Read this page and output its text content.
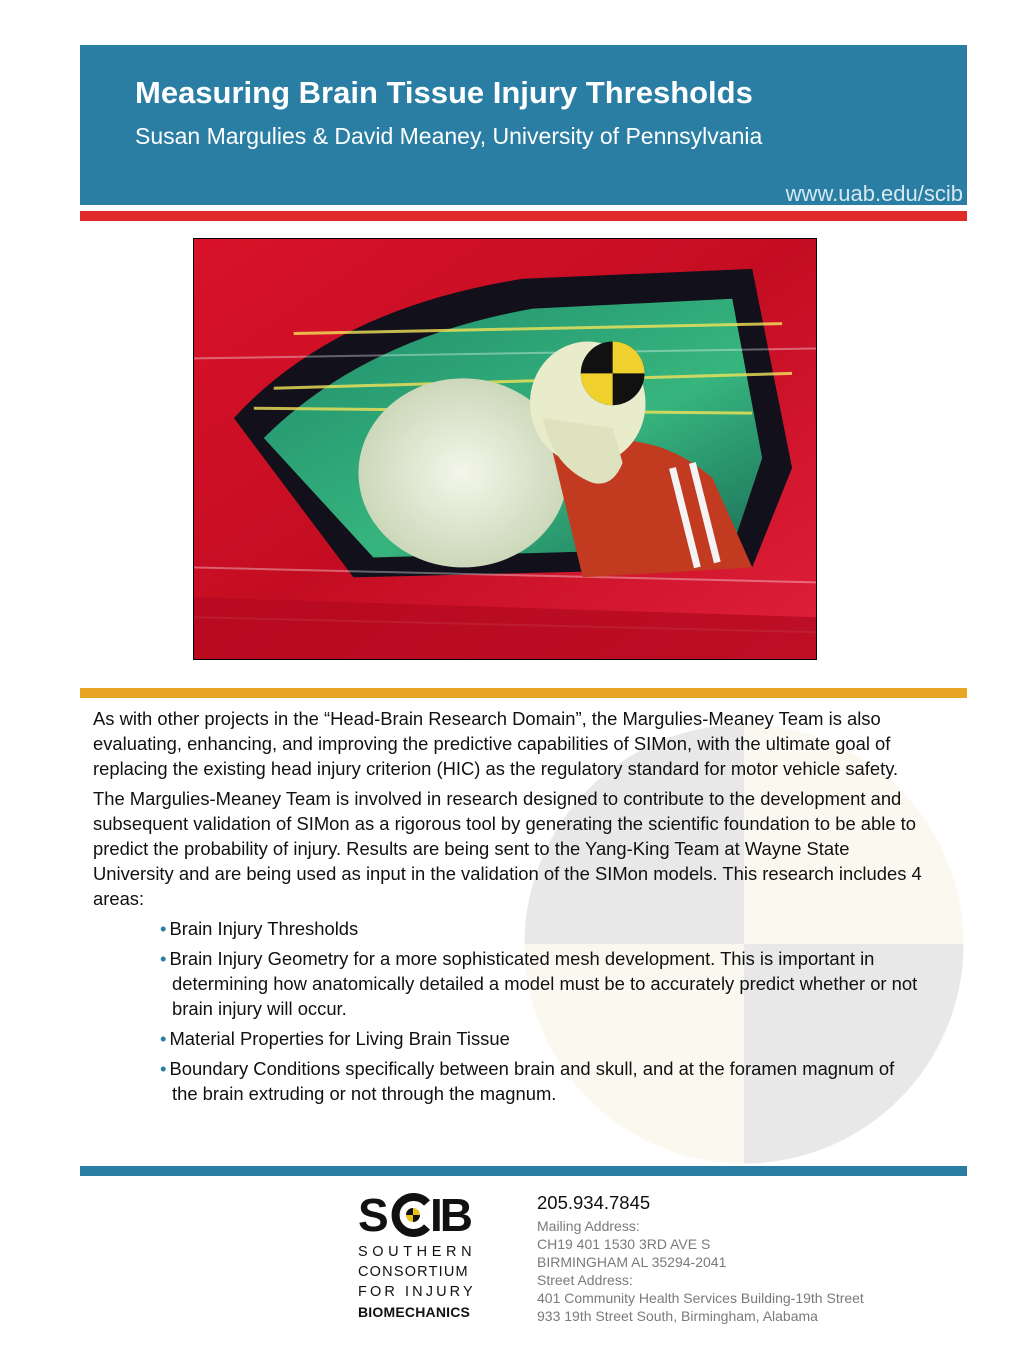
Measuring Brain Tissue Injury Thresholds
Susan Margulies & David Meaney, University of Pennsylvania
www.uab.edu/scib

As with other projects in the “Head-Brain Research Domain”, the Margulies-Meaney Team is also evaluating, enhancing, and improving the predictive capabilities of SIMon, with the ultimate goal of replacing the existing head injury criterion (HIC) as the regulatory standard for motor vehicle safety.

The Margulies-Meaney Team is involved in research designed to contribute to the development and subsequent validation of SIMon as a rigorous tool by generating the scientific foundation to be able to predict the probability of injury. Results are being sent to the Yang-King Team at Wayne State University and are being used as input in the validation of the SIMon models. This research includes 4 areas:

• Brain Injury Thresholds
• Brain Injury Geometry for a more sophisticated mesh development. This is important in determining how anatomically detailed a model must be to accurately predict whether or not brain injury will occur.
• Material Properties for Living Brain Tissue
• Boundary Conditions specifically between brain and skull, and at the foramen magnum of the brain extruding or not through the magnum.
S IB
SOUTHERN
CONSORTIUM
FOR INJURY
BIOMECHANICS
205.934.7845
Mailing Address:
CH19 401 1530 3RD AVE S
BIRMINGHAM AL 35294-2041
Street Address:
401 Community Health Services Building-19th Street
933 19th Street South, Birmingham, Alabama
